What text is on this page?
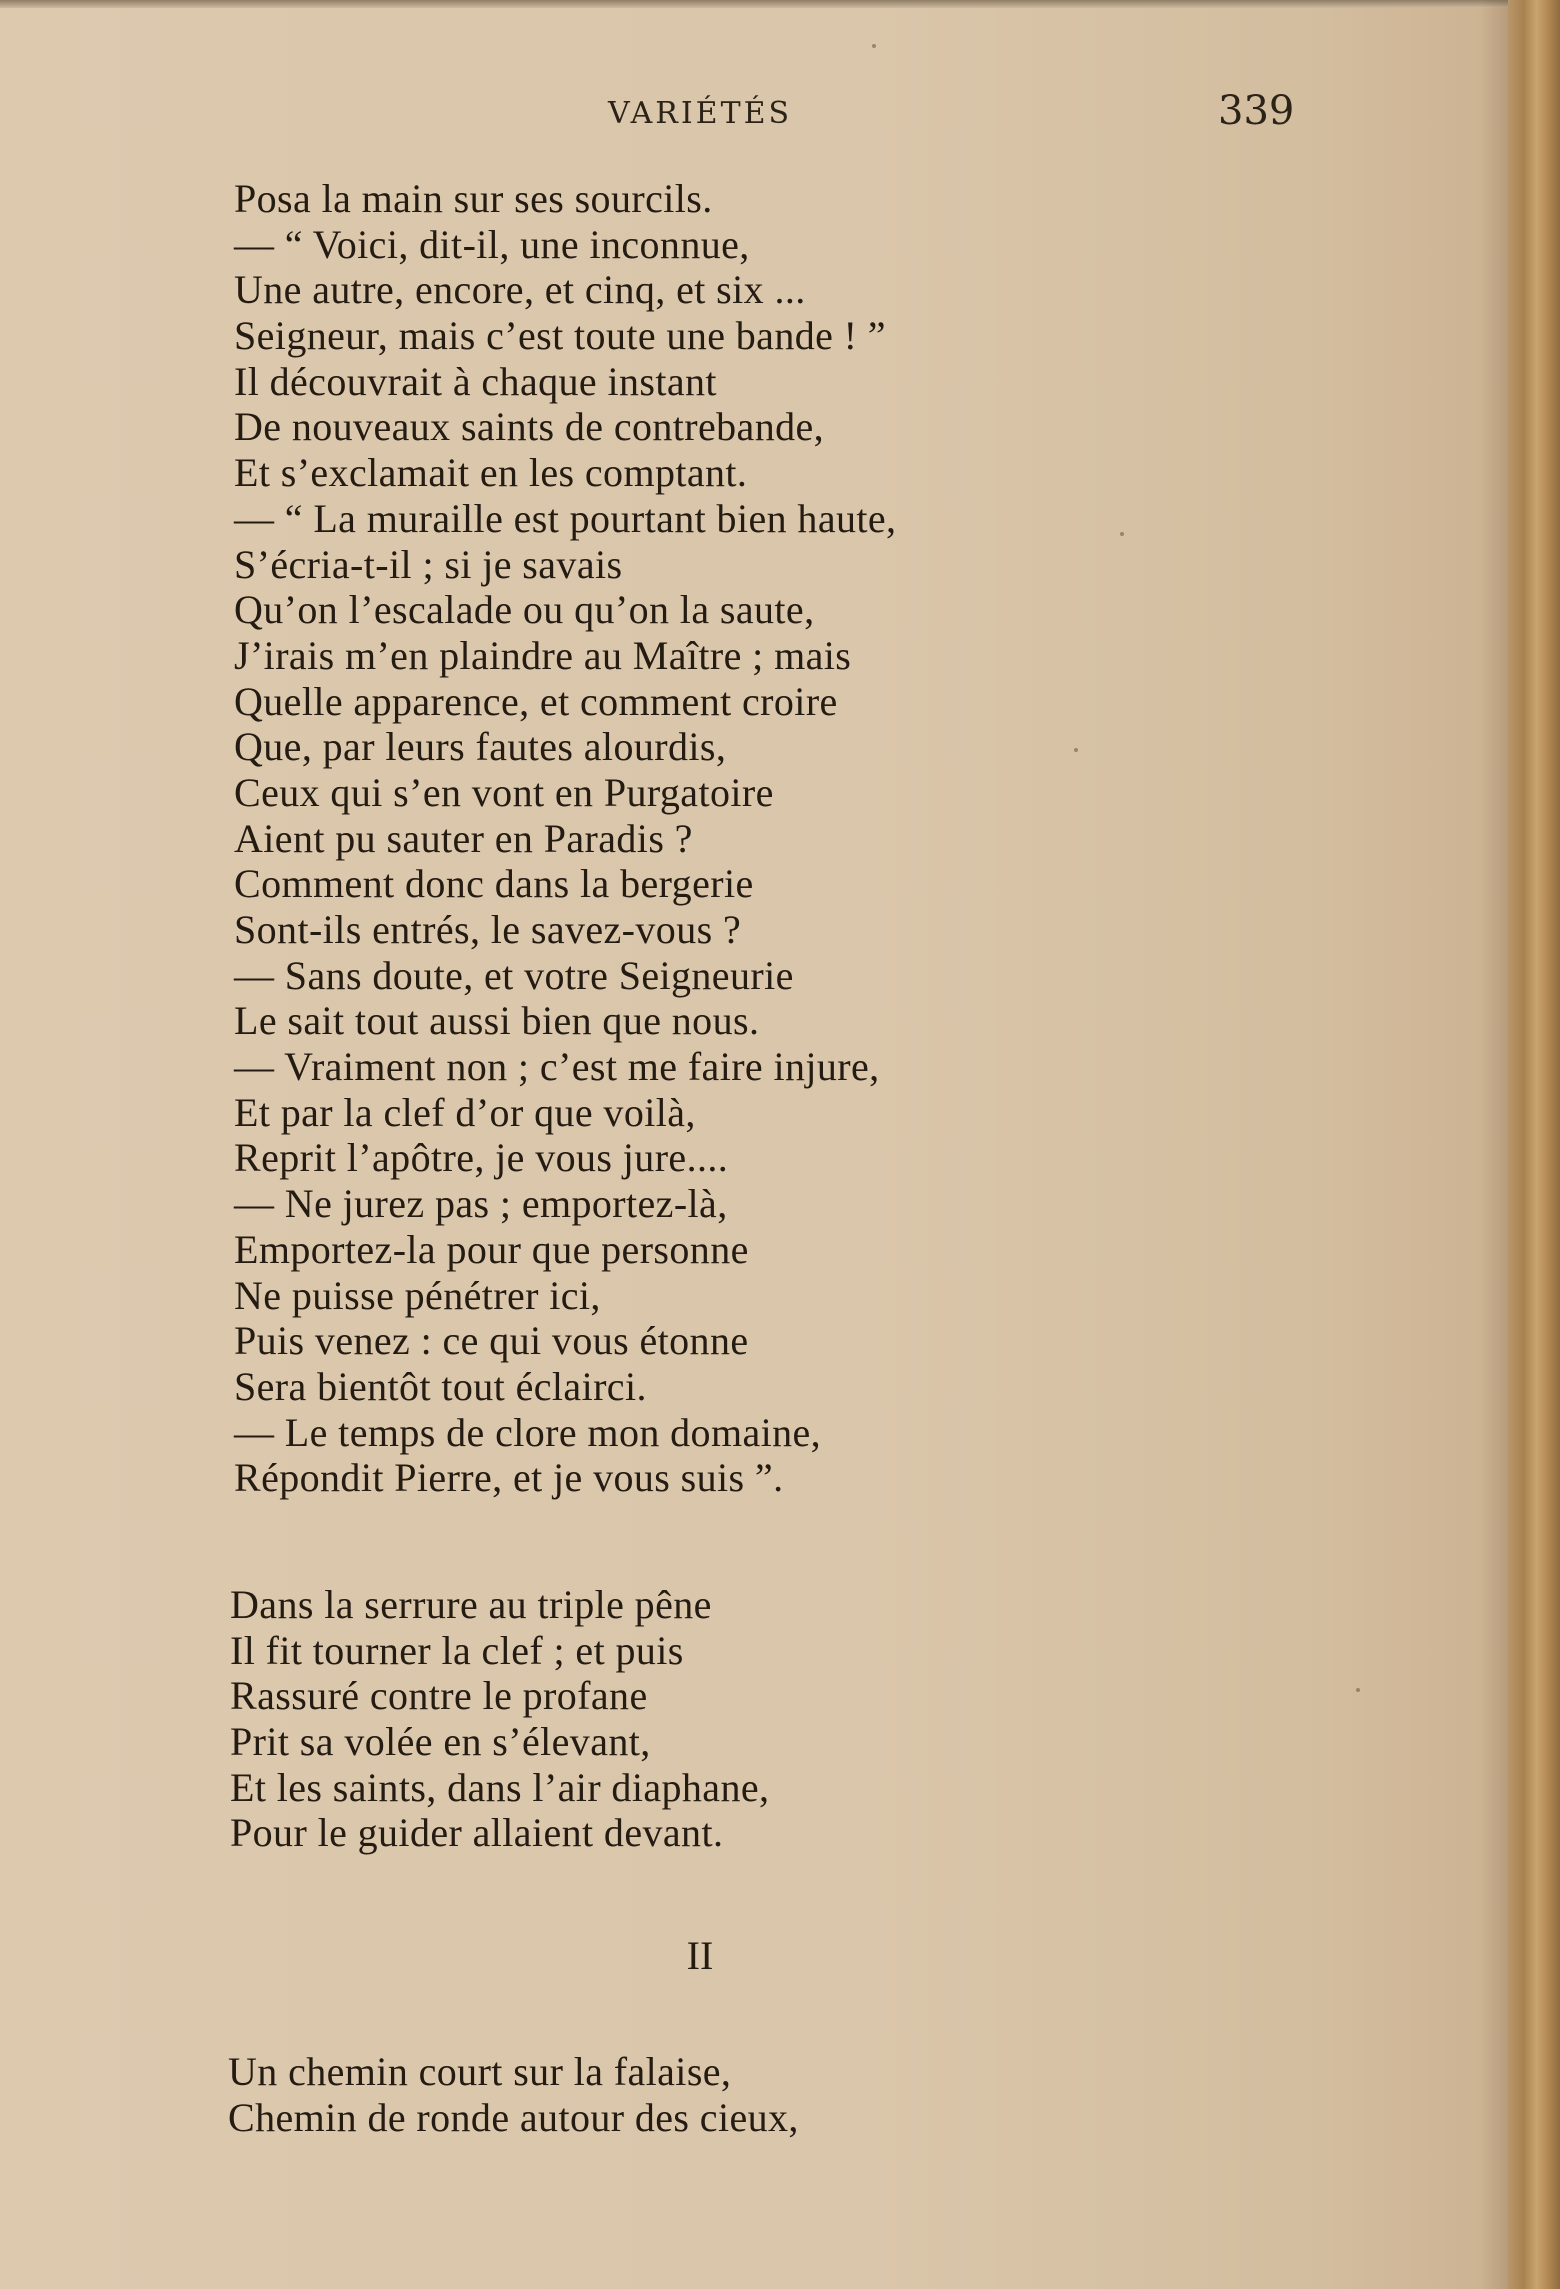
VARIÉTÉS	339
Posa la main sur ses sourcils.
— “ Voici, dit-il, une inconnue,
Une autre, encore, et cinq, et six ...
Seigneur, mais c’est toute une bande ! ”
Il découvrait à chaque instant
De nouveaux saints de contrebande,
Et s’exclamait en les comptant.
— “ La muraille est pourtant bien haute,
S’écria-t-il ; si je savais
Qu’on l’escalade ou qu’on la saute,
J’irais m’en plaindre au Maître ; mais
Quelle apparence, et comment croire
Que, par leurs fautes alourdis,
Ceux qui s’en vont en Purgatoire
Aient pu sauter en Paradis ?
Comment donc dans la bergerie
Sont-ils entrés, le savez-vous ?
— Sans doute, et votre Seigneurie
Le sait tout aussi bien que nous.
— Vraiment non ; c’est me faire injure,
Et par la clef d’or que voilà,
Reprit l’apôtre, je vous jure....
— Ne jurez pas ; emportez-là,
Emportez-la pour que personne
Ne puisse pénétrer ici,
Puis venez : ce qui vous étonne
Sera bientôt tout éclairci.
— Le temps de clore mon domaine,
Répondit Pierre, et je vous suis ”.
Dans la serrure au triple pêne
Il fit tourner la clef ; et puis
Rassuré contre le profane
Prit sa volée en s’élevant,
Et les saints, dans l’air diaphane,
Pour le guider allaient devant.
II
Un chemin court sur la falaise,
Chemin de ronde autour des cieux,
